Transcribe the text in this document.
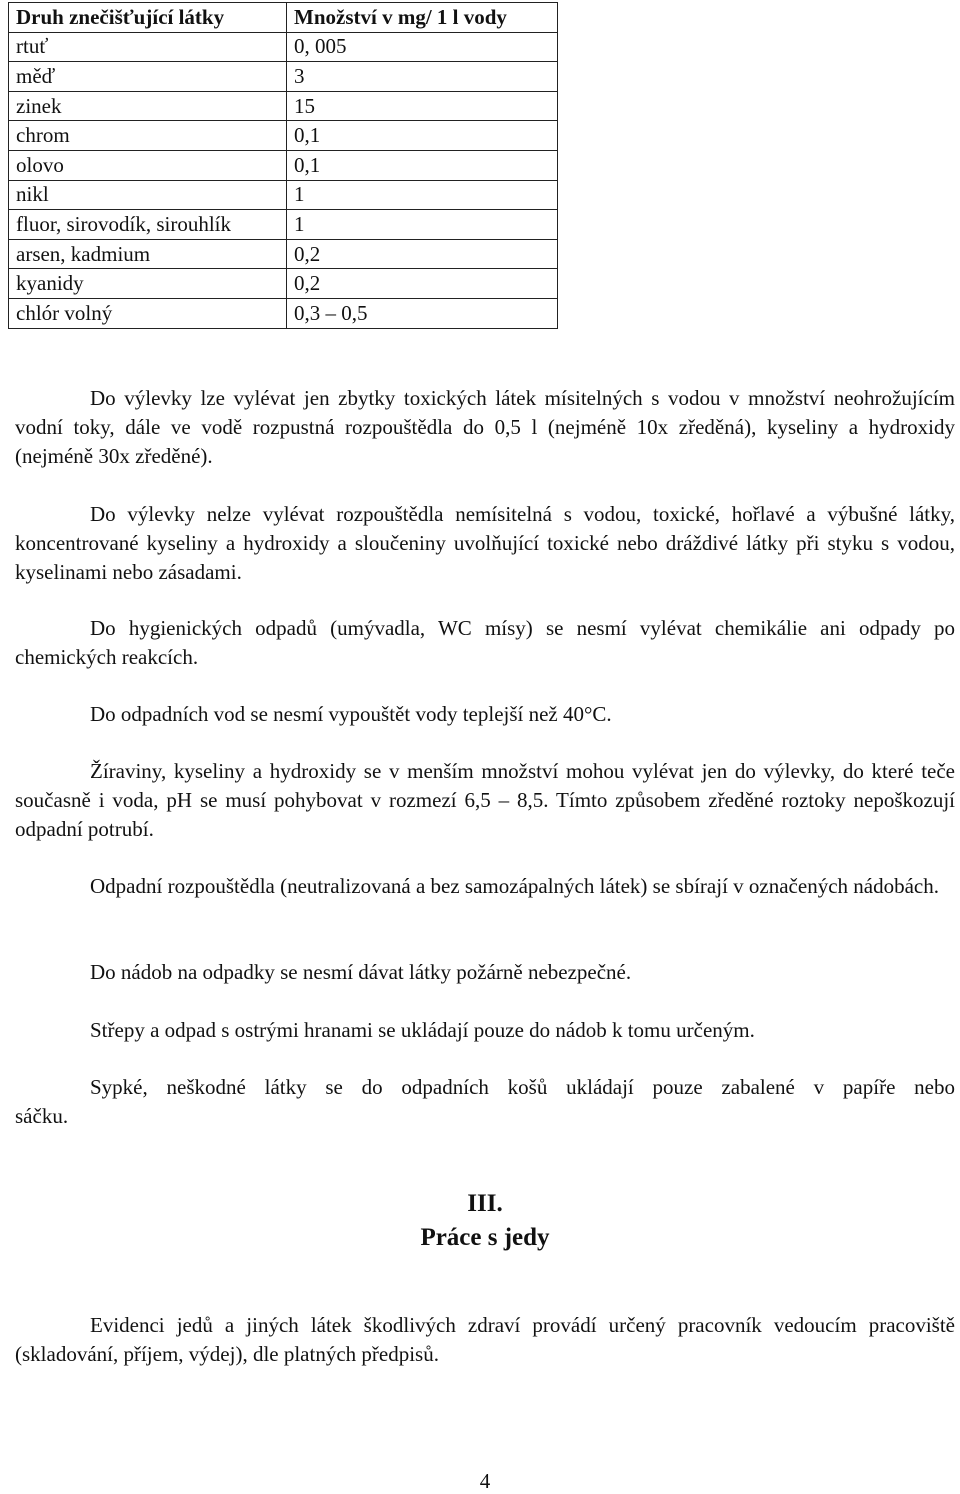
Druh znečišťující látky	Množství v mg/ 1 l vody
rtuť	0, 005
měď	3
zinek	15
chrom	0,1
olovo	0,1
nikl	1
fluor, sirovodík, sirouhlík	1
arsen, kadmium	0,2
kyanidy	0,2
chlór volný	0,3 – 0,5

Do výlevky lze vylévat jen zbytky toxických látek mísitelných s vodou v množství neohrožujícím vodní toky, dále ve vodě rozpustná rozpouštědla do 0,5 l (nejméně 10x zředěná), kyseliny a hydroxidy (nejméně 30x zředěné).

Do výlevky nelze vylévat rozpouštědla nemísitelná s vodou, toxické, hořlavé a výbušné látky, koncentrované kyseliny a hydroxidy a sloučeniny uvolňující toxické nebo dráždivé látky při styku s vodou, kyselinami nebo zásadami.

Do hygienických odpadů (umývadla, WC mísy) se nesmí vylévat chemikálie ani odpady po chemických reakcích.

Do odpadních vod se nesmí vypouštět vody teplejší než 40°C.

Žíraviny, kyseliny a hydroxidy se v menším množství mohou vylévat jen do výlevky, do které teče současně i voda, pH se musí pohybovat v rozmezí 6,5 – 8,5. Tímto způsobem zředěné roztoky nepoškozují odpadní potrubí.

Odpadní rozpouštědla (neutralizovaná a bez samozápalných látek) se sbírají v označených nádobách.

Do nádob na odpadky se nesmí dávat látky požárně nebezpečné.

Střepy a odpad s ostrými hranami se ukládají pouze do nádob k tomu určeným.

Sypké, neškodné látky se do odpadních košů ukládají pouze zabalené v papíře nebo

sáčku.

III.
Práce s jedy

Evidenci jedů a jiných látek škodlivých zdraví provádí určený pracovník vedoucím pracoviště (skladování, příjem, výdej), dle platných předpisů.

4
